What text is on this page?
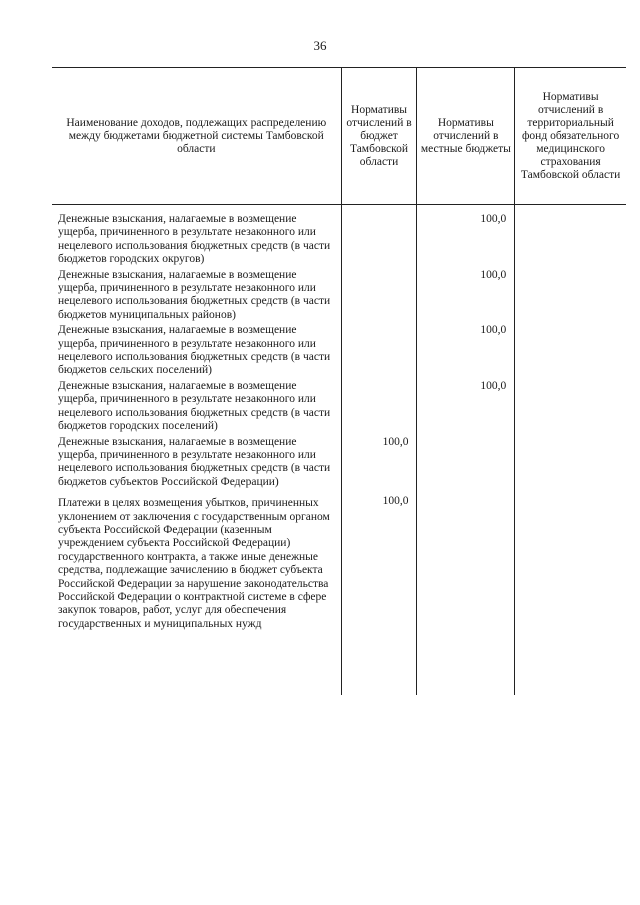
36
Наименование доходов, подлежащих распределению между бюджетами бюджетной системы Тамбовской области	Нормативы отчислений в бюджет Тамбовской области	Нормативы отчислений в местные бюджеты	Нормативы отчислений в территориальный фонд обязательного медицинского страхования Тамбовской области
Денежные взыскания, налагаемые в возмещение ущерба, причиненного в результате незаконного или нецелевого использования бюджетных средств (в части бюджетов городских округов)		100,0	
Денежные взыскания, налагаемые в возмещение ущерба, причиненного в результате незаконного или нецелевого использования бюджетных средств (в части бюджетов муниципальных районов)		100,0	
Денежные взыскания, налагаемые в возмещение ущерба, причиненного в результате незаконного или нецелевого использования бюджетных средств (в части бюджетов сельских поселений)		100,0	
Денежные взыскания, налагаемые в возмещение ущерба, причиненного в результате незаконного или нецелевого использования бюджетных средств (в части бюджетов городских поселений)		100,0	
Денежные взыскания, налагаемые в возмещение ущерба, причиненного в результате незаконного или нецелевого использования бюджетных средств (в части бюджетов субъектов Российской Федерации)	100,0		
Платежи в целях возмещения убытков, причиненных уклонением от заключения с государственным органом субъекта Российской Федерации (казенным учреждением субъекта Российской Федерации) государственного контракта, а также иные денежные средства, подлежащие зачислению в бюджет субъекта Российской Федерации за нарушение законодательства Российской Федерации о контрактной системе в сфере закупок товаров, работ, услуг для обеспечения государственных и муниципальных нужд	100,0		
